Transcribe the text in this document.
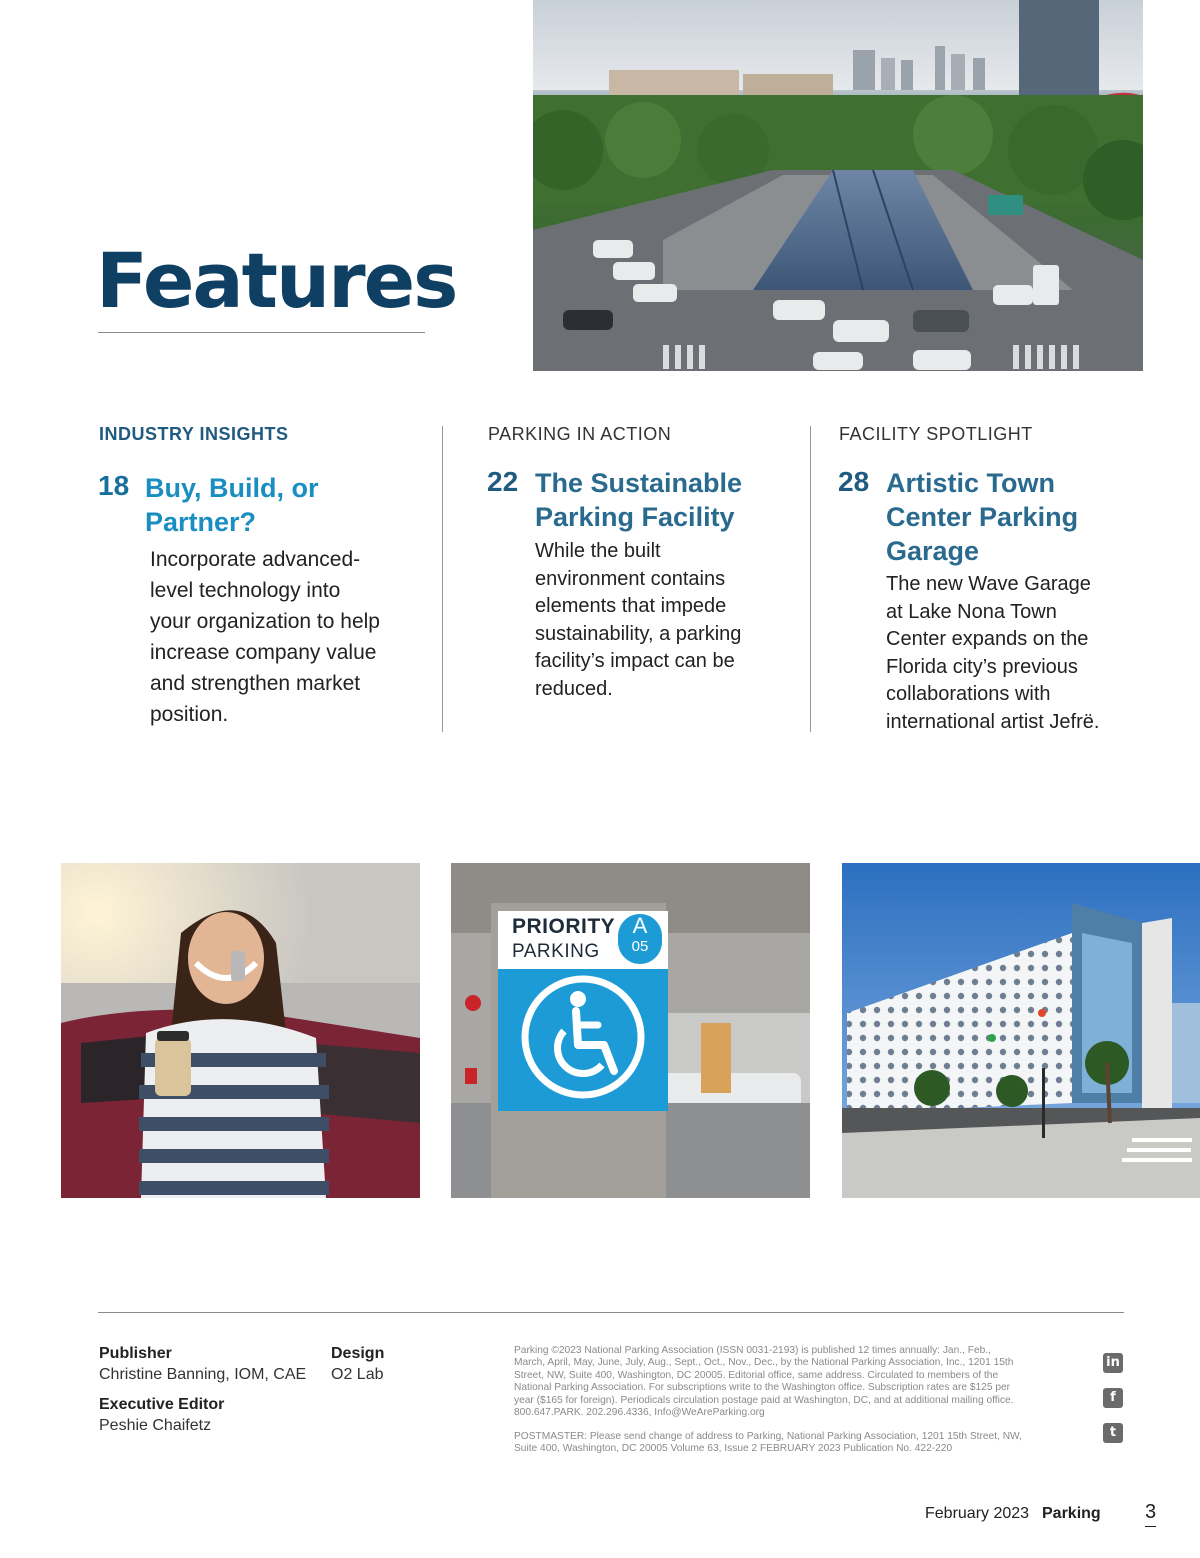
Features
INDUSTRY INSIGHTS
18 Buy, Build, or
Partner?
Incorporate advanced-
level technology into
your organization to help
increase company value
and strengthen market
position.
PARKING IN ACTION
22 The Sustainable
Parking Facility
While the built
environment contains
elements that impede
sustainability, a parking
facility’s impact can be
reduced.
FACILITY SPOTLIGHT
28 Artistic Town
Center Parking
Garage
The new Wave Garage
at Lake Nona Town
Center expands on the
Florida city’s previous
collaborations with
international artist Jefrë.
PRIORITY
PARKING
A
05
Publisher
Christine Banning, IOM, CAE
Design
O2 Lab
Executive Editor
Peshie Chaifetz
Parking ©2023 National Parking Association (ISSN 0031-2193) is published 12 times annually: Jan., Feb.,
March, April, May, June, July, Aug., Sept., Oct., Nov., Dec., by the National Parking Association, Inc., 1201 15th
Street, NW, Suite 400, Washington, DC 20005. Editorial office, same address. Circulated to members of the
National Parking Association. For subscriptions write to the Washington office. Subscription rates are $125 per
year ($165 for foreign). Periodicals circulation postage paid at Washington, DC, and at additional mailing office.
800.647.PARK. 202.296.4336, Info@WeAreParking.org
POSTMASTER: Please send change of address to Parking, National Parking Association, 1201 15th Street, NW,
Suite 400, Washington, DC 20005 Volume 63, Issue 2 FEBRUARY 2023 Publication No. 422-220
in
f
t
February 2023 Parking 3
